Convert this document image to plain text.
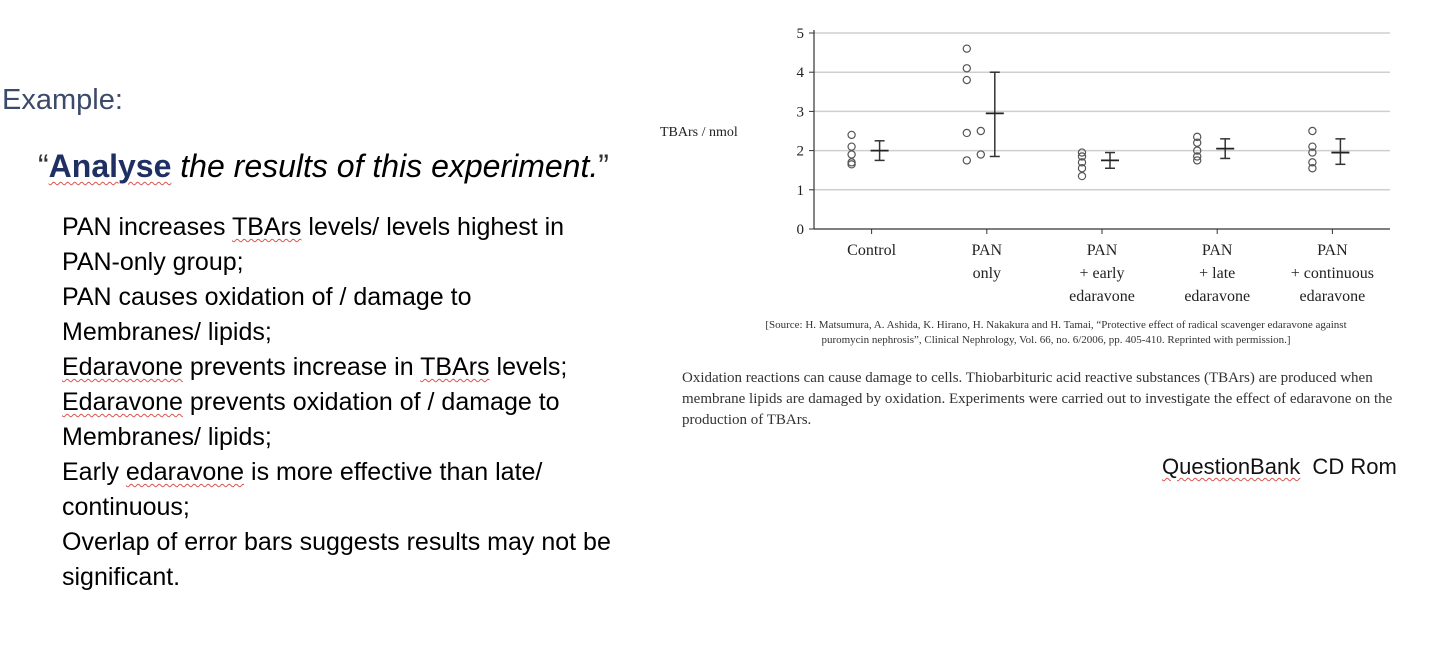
Example:
“Analyse the results of this experiment.”
PAN increases TBArs levels/ levels highest in
PAN-only group;
PAN causes oxidation of / damage to
Membranes/ lipids;
Edaravone prevents increase in TBArs levels;
Edaravone prevents oxidation of / damage to
Membranes/ lipids;
Early edaravone is more effective than late/
continuous;
Overlap of error bars suggests results may not be
significant.
0
1
2
3
4
5
TBArs / nmol
Control	PAN
only
PAN
+ early
edaravone
PAN
+ late
edaravone
PAN
+ continuous
edaravone
[Source: H. Matsumura, A. Ashida, K. Hirano, H. Nakakura and H. Tamai, “Protective effect of radical scavenger edaravone against
puromycin nephrosis”, Clinical Nephrology, Vol. 66, no. 6/2006, pp. 405-410. Reprinted with permission.]
Oxidation reactions can cause damage to cells. Thiobarbituric acid reactive substances (TBArs) are produced when membrane lipids are damaged by oxidation. Experiments were carried out to investigate the effect of edaravone on the production of TBArs.
QuestionBank  CD Rom
